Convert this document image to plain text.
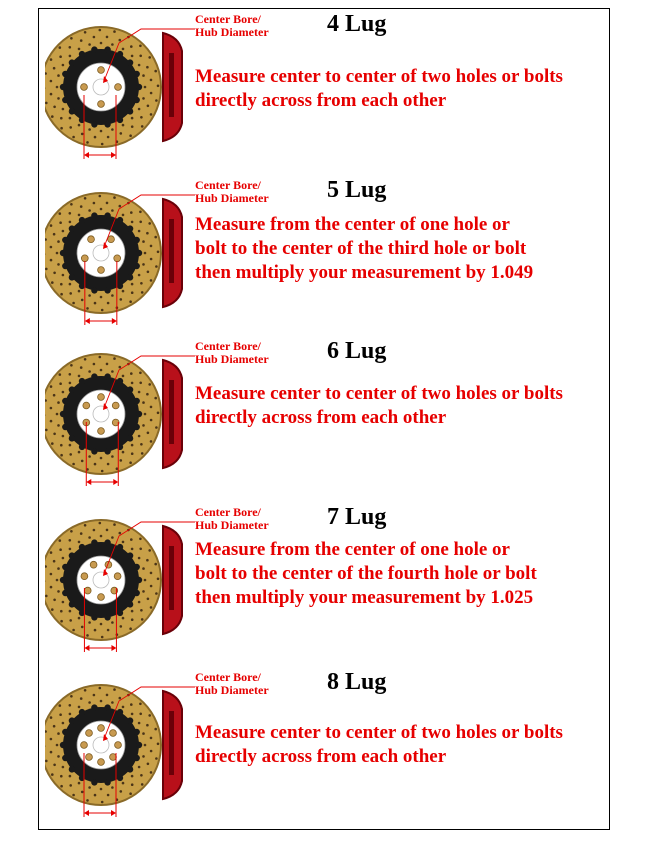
Center Bore/
Hub Diameter 4 Lug
Measure center to center of two holes or bolts
directly across from each other
Center Bore/
Hub Diameter 5 Lug
Measure from the center of one hole or
bolt to the center of the third hole or bolt
then multiply your measurement by 1.049
Center Bore/
Hub Diameter 6 Lug
Measure center to center of two holes or bolts
directly across from each other
Center Bore/
Hub Diameter 7 Lug
Measure from the center of one hole or
bolt to the center of the fourth hole or bolt
then multiply your measurement by 1.025
Center Bore/
Hub Diameter 8 Lug
Measure center to center of two holes or bolts
directly across from each other
